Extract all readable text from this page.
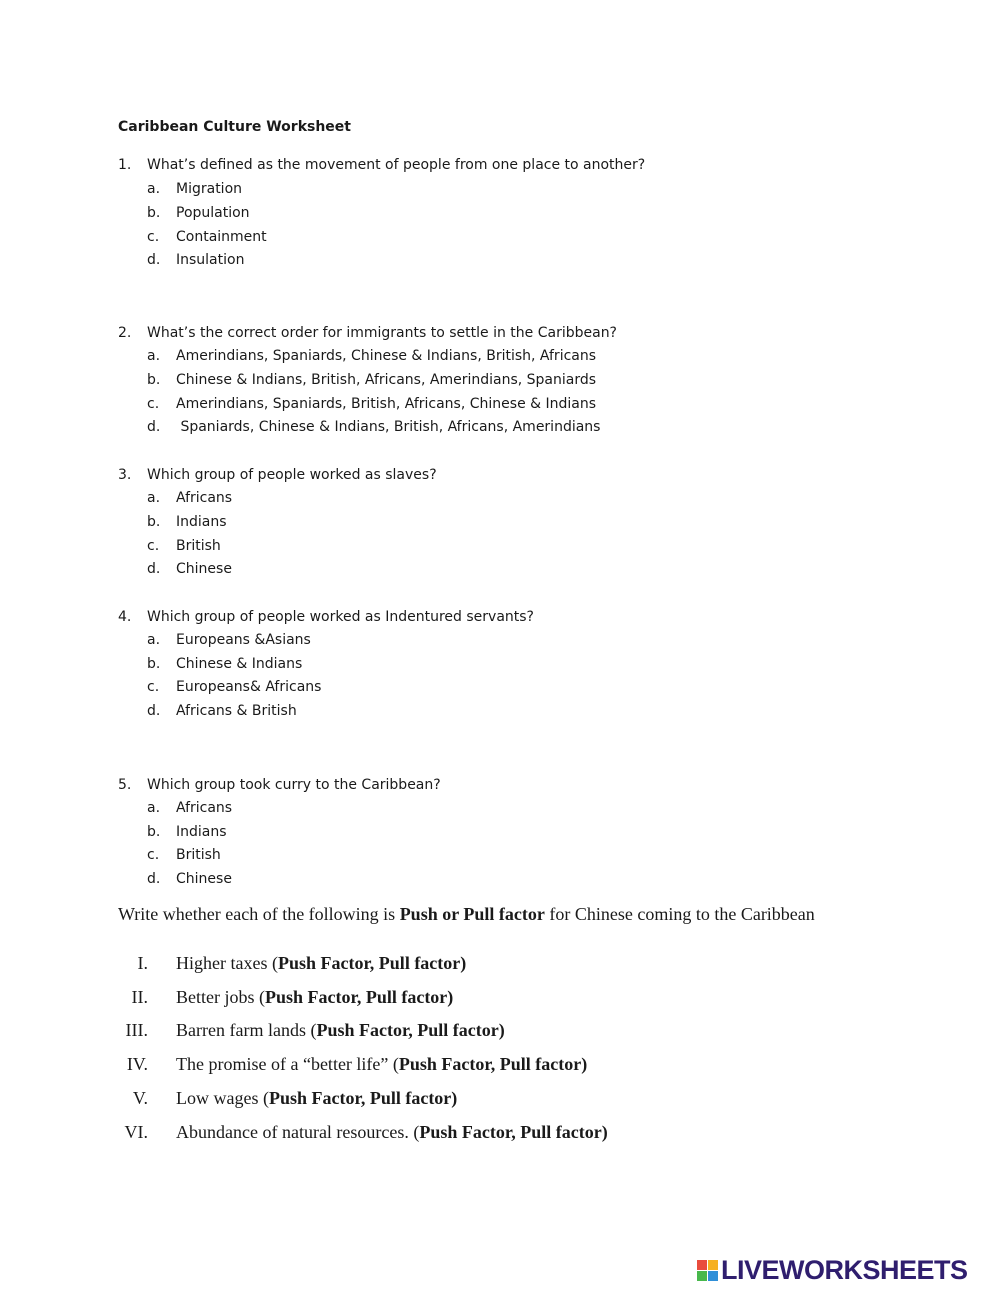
Caribbean Culture Worksheet
1.	What’s defined as the movement of people from one place to another?
a. Migration
b. Population
c. Containment
d. Insulation
2.	What’s the correct order for immigrants to settle in the Caribbean?
a. Amerindians, Spaniards, Chinese & Indians, British, Africans
b. Chinese & Indians, British, Africans, Amerindians, Spaniards
c. Amerindians, Spaniards, British, Africans, Chinese & Indians
d. Spaniards, Chinese & Indians, British, Africans, Amerindians
3.	Which group of people worked as slaves?
a. Africans
b. Indians
c. British
d. Chinese
4.	Which group of people worked as Indentured servants?
a. Europeans &Asians
b. Chinese & Indians
c. Europeans& Africans
d. Africans & British
5.	Which group took curry to the Caribbean?
a. Africans
b. Indians
c. British
d. Chinese
Write whether each of the following is Push or Pull factor for Chinese coming to the Caribbean
I. Higher taxes (Push Factor, Pull factor)
II. Better jobs (Push Factor, Pull factor)
III. Barren farm lands (Push Factor, Pull factor)
IV. The promise of a “better life” (Push Factor, Pull factor)
V. Low wages (Push Factor, Pull factor)
VI. Abundance of natural resources. (Push Factor, Pull factor)
LIVEWORKSHEETS
